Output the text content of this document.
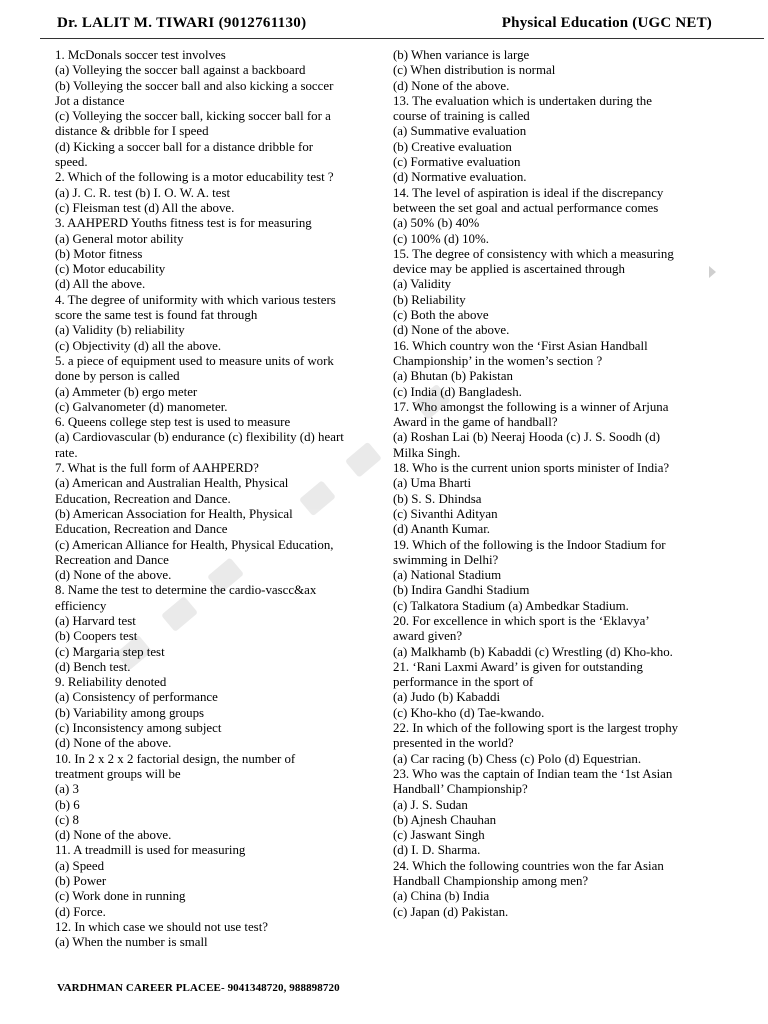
Dr. LALIT M. TIWARI (9012761130)	Physical Education (UGC NET)
1. McDonals soccer test involves
(a) Volleying the soccer ball against a backboard
(b) Volleying the soccer ball and also kicking a soccer
Jot a distance
(c) Volleying the soccer ball, kicking soccer ball for a
distance & dribble for I speed
(d) Kicking a soccer ball for a distance dribble for
speed.
2. Which of the following is a motor educability test ?
(a) J. C. R. test (b) I. O. W. A. test
(c) Fleisman test (d) All the above.
3. AAHPERD Youths fitness test is for measuring
(a) General motor ability
(b) Motor fitness
(c) Motor educability
(d) All the above.
4. The degree of uniformity with which various testers
score the same test is found fat through
(a) Validity (b) reliability
(c) Objectivity (d) all the above.
5. a piece of equipment used to measure units of work
done by person is called
(a) Ammeter (b) ergo meter
(c) Galvanometer (d) manometer.
6. Queens college step test is used to measure
(a) Cardiovascular (b) endurance (c) flexibility (d) heart
rate.
7. What is the full form of AAHPERD?
(a) American and Australian Health, Physical
Education, Recreation and Dance.
(b) American Association for Health, Physical
Education, Recreation and Dance
(c) American Alliance for Health, Physical Education,
Recreation and Dance
(d) None of the above.
8. Name the test to determine the cardio-vascc&ax
efficiency
(a) Harvard test
(b) Coopers test
(c) Margaria step test
(d) Bench test.
9. Reliability denoted
(a) Consistency of performance
(b) Variability among groups
(c) Inconsistency among subject
(d) None of the above.
10. In 2 x 2 x 2 factorial design, the number of
treatment groups will be
(a) 3
(b) 6
(c) 8
(d) None of the above.
11. A treadmill is used for measuring
(a) Speed
(b) Power
(c) Work done in running
(d) Force.
12. In which case we should not use test?
(a) When the number is small
(b) When variance is large
(c) When distribution is normal
(d) None of the above.
13. The evaluation which is undertaken during the
course of training is called
(a) Summative evaluation
(b) Creative evaluation
(c) Formative evaluation
(d) Normative evaluation.
14. The level of aspiration is ideal if the discrepancy
between the set goal and actual performance comes
(a) 50% (b) 40%
(c) 100% (d) 10%.
15. The degree of consistency with which a measuring
device may be applied is ascertained through
(a) Validity
(b) Reliability
(c) Both the above
(d) None of the above.
16. Which country won the ‘First Asian Handball
Championship’ in the women’s section ?
(a) Bhutan (b) Pakistan
(c) India (d) Bangladesh.
17. Who amongst the following is a winner of Arjuna
Award in the game of handball?
(a) Roshan Lai (b) Neeraj Hooda (c) J. S. Soodh (d)
Milka Singh.
18. Who is the current union sports minister of India?
(a) Uma Bharti
(b) S. S. Dhindsa
(c) Sivanthi Adityan
(d) Ananth Kumar.
19. Which of the following is the Indoor Stadium for
swimming in Delhi?
(a) National Stadium
(b) Indira Gandhi Stadium
(c) Talkatora Stadium (a) Ambedkar Stadium.
20. For excellence in which sport is the ‘Eklavya’
award given?
(a) Malkhamb (b) Kabaddi (c) Wrestling (d) Kho-kho.
21. ‘Rani Laxmi Award’ is given for outstanding
performance in the sport of
(a) Judo (b) Kabaddi
(c) Kho-kho (d) Tae-kwando.
22. In which of the following sport is the largest trophy
presented in the world?
(a) Car racing (b) Chess (c) Polo (d) Equestrian.
23. Who was the captain of Indian team the ‘1st Asian
Handball’ Championship?
(a) J. S. Sudan
(b) Ajnesh Chauhan
(c) Jaswant Singh
(d) I. D. Sharma.
24. Which the following countries won the far Asian
Handball Championship among men?
(a) China (b) India
(c) Japan (d) Pakistan.
VARDHMAN CAREER PLACEE- 9041348720, 988898720
